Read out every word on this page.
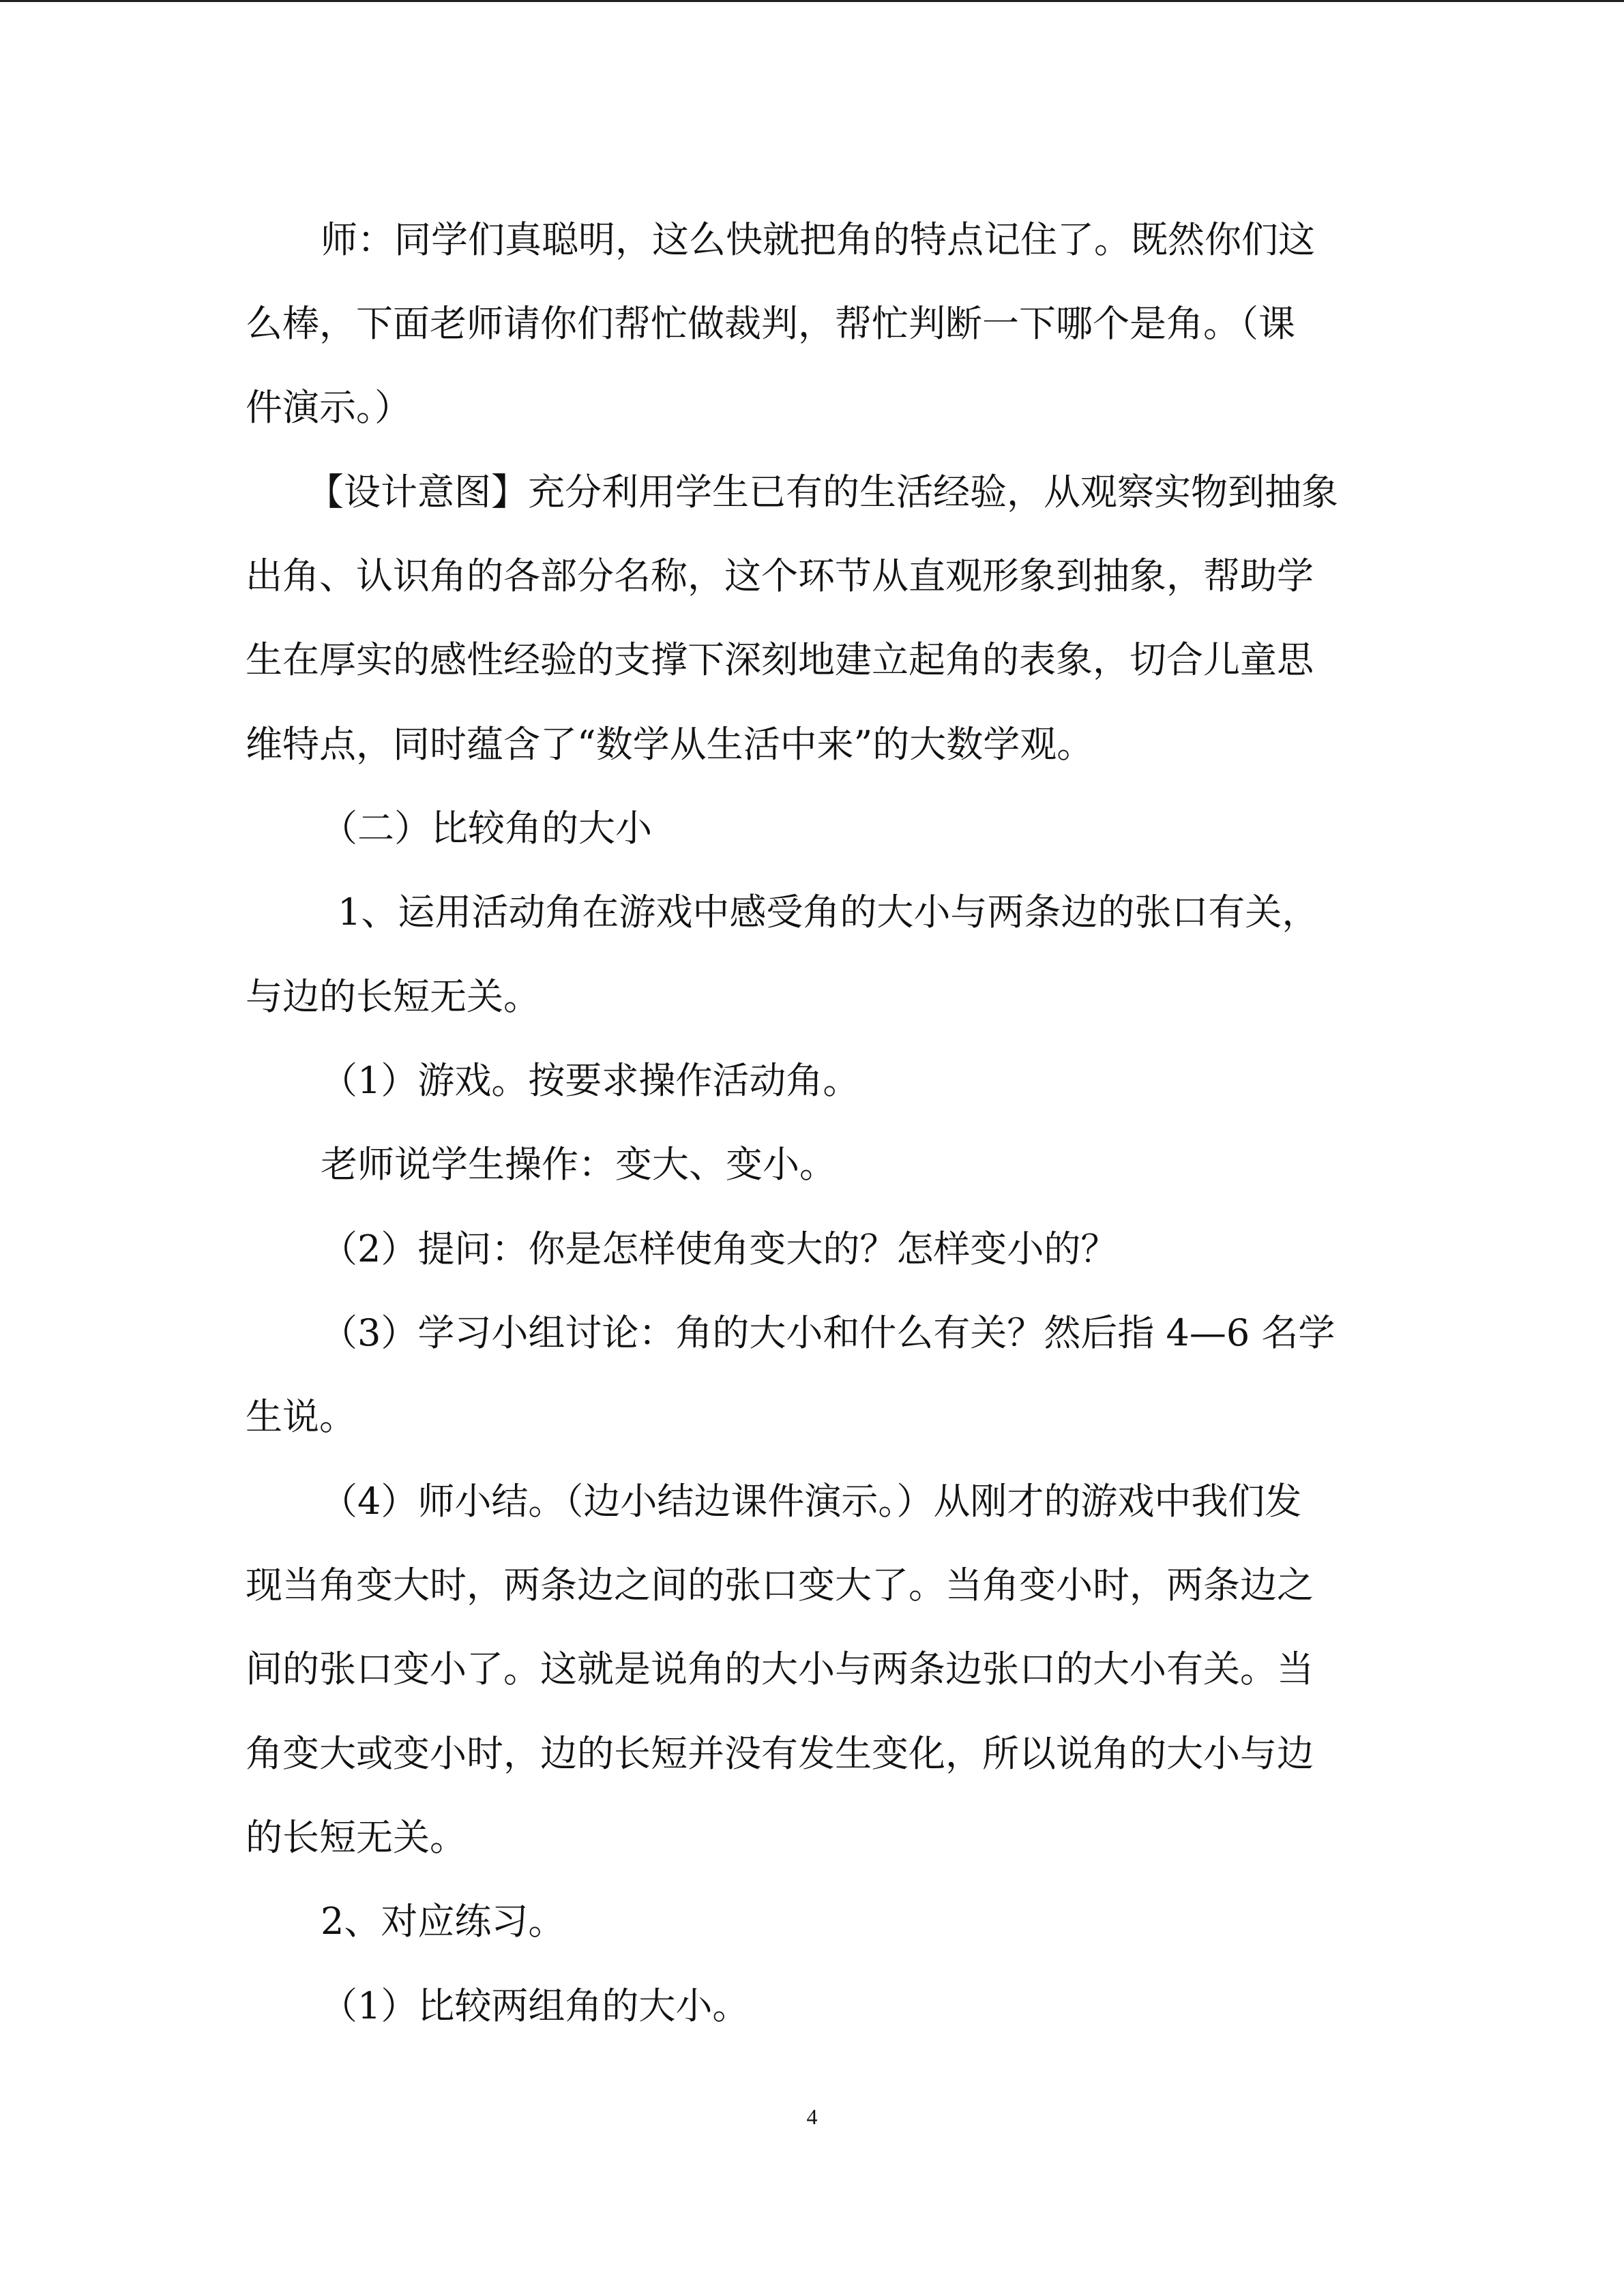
师：同学们真聪明，这么快就把角的特点记住了。既然你们这
么棒，下面老师请你们帮忙做裁判，帮忙判断一下哪个是角。（课
件演示。）
【设计意图】充分利用学生已有的生活经验，从观察实物到抽象
出角、认识角的各部分名称，这个环节从直观形象到抽象，帮助学
生在厚实的感性经验的支撑下深刻地建立起角的表象，切合儿童思
维特点，同时蕴含了“数学从生活中来”的大数学观。
（二）比较角的大小
1、运用活动角在游戏中感受角的大小与两条边的张口有关，
与边的长短无关。
（1）游戏。按要求操作活动角。
老师说学生操作：变大、变小。
（2）提问：你是怎样使角变大的？怎样变小的？
（3）学习小组讨论：角的大小和什么有关？然后指 4—6 名学
生说。
（4）师小结。（边小结边课件演示。）从刚才的游戏中我们发
现当角变大时，两条边之间的张口变大了。当角变小时，两条边之
间的张口变小了。这就是说角的大小与两条边张口的大小有关。当
角变大或变小时，边的长短并没有发生变化，所以说角的大小与边
的长短无关。
2、对应练习。
（1）比较两组角的大小。
4
